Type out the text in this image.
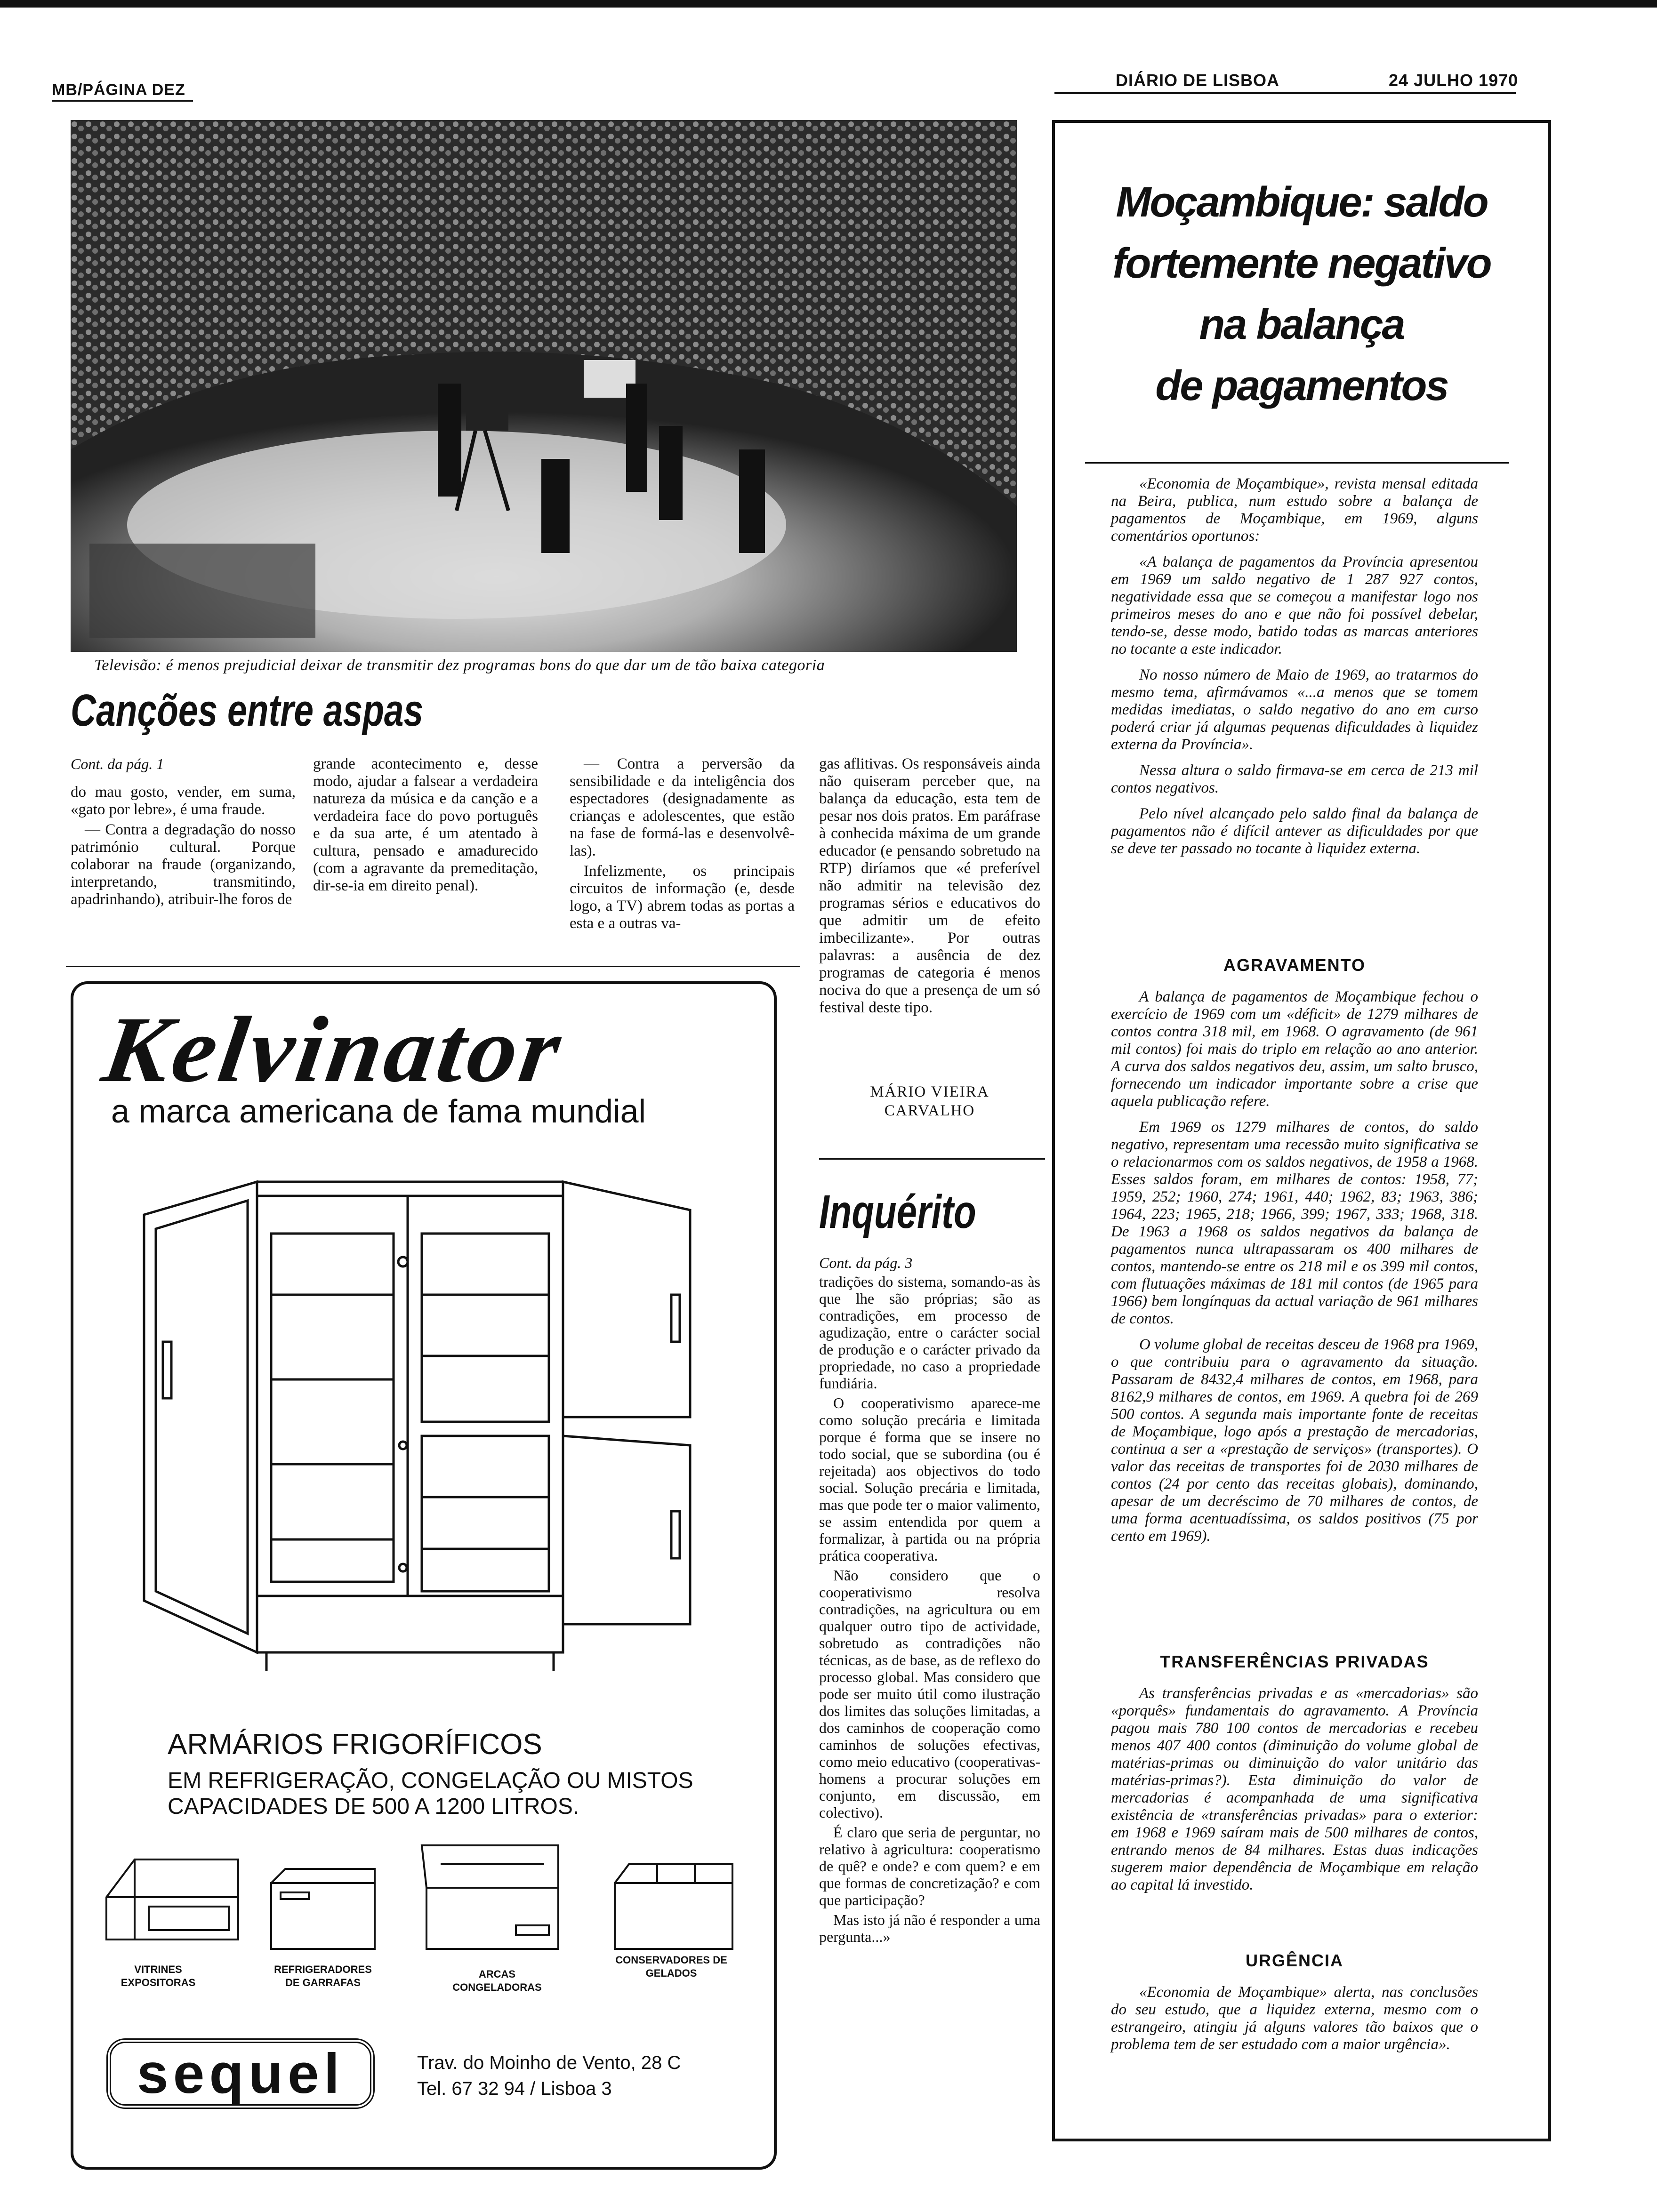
MB/PÁGINA DEZ	DIÁRIO DE LISBOA	24 JULHO 1970
Televisão: é menos prejudicial deixar de transmitir dez programas bons do que dar um de tão baixa categoria
Canções entre aspas
Cont. da pág. 1

do mau gosto, vender, em suma, «gato por lebre», é uma fraude.

— Contra a degradação do nosso património cultural. Porque colaborar na fraude (organizando, interpretando, transmitindo, apadrinhando), atribuir-lhe foros de

grande acontecimento e, desse modo, ajudar a falsear a verdadeira natureza da música e da canção e a verdadeira face do povo português e da sua arte, é um atentado à cultura, pensado e amadurecido (com a agravante da premeditação, dir-se-ia em direito penal).

— Contra a perversão da sensibilidade e da inteligência dos espectadores (designadamente as crianças e adolescentes, que estão na fase de formá-las e desenvolvê-las).

Infelizmente, os principais circuitos de informação (e, desde logo, a TV) abrem todas as portas a esta e a outras va-

gas aflitivas. Os responsáveis ainda não quiseram perceber que, na balança da educação, esta tem de pesar nos dois pratos. Em paráfrase à conhecida máxima de um grande educador (e pensando sobretudo na RTP) diríamos que «é preferível não admitir na televisão dez programas sérios e educativos do que admitir um de efeito imbecilizante». Por outras palavras: a ausência de dez programas de categoria é menos nociva do que a presença de um só festival deste tipo.

MÁRIO VIEIRA
CARVALHO
Kelvinator
a marca americana de fama mundial
ARMÁRIOS FRIGORÍFICOS
EM REFRIGERAÇÃO, CONGELAÇÃO OU MISTOS
CAPACIDADES DE 500 A 1200 LITROS.
VITRINES EXPOSITORAS
REFRIGERADORES DE GARRAFAS
ARCAS CONGELADORAS
CONSERVADORES DE GELADOS
sequel	Trav. do Moinho de Vento, 28 C
Tel. 67 32 94 / Lisboa 3
Inquérito
Cont. da pág. 3

tradições do sistema, somando-as às que lhe são próprias; são as contradições, em processo de agudização, entre o carácter social de produção e o carácter privado da propriedade, no caso a propriedade fundiária.

O cooperativismo aparece-me como solução precária e limitada porque é forma que se insere no todo social, que se subordina (ou é rejeitada) aos objectivos do todo social. Solução precária e limitada, mas que pode ter o maior valimento, se assim entendida por quem a formalizar, à partida ou na própria prática cooperativa.

Não considero que o cooperativismo resolva contradições, na agricultura ou em qualquer outro tipo de actividade, sobretudo as contradições não técnicas, as de base, as de reflexo do processo global. Mas considero que pode ser muito útil como ilustração dos limites das soluções limitadas, a dos caminhos de cooperação como caminhos de soluções efectivas, como meio educativo (cooperativas-homens a procurar soluções em conjunto, em discussão, em colectivo).

É claro que seria de perguntar, no relativo à agricultura: cooperatismo de quê? e onde? e com quem? e em que formas de concretização? e com que participação?

Mas isto já não é responder a uma pergunta...»

Moçambique: saldo
fortemente negativo
na balança
de pagamentos

«Economia de Moçambique», revista mensal editada na Beira, publica, num estudo sobre a balança de pagamentos de Moçambique, em 1969, alguns comentários oportunos:

«A balança de pagamentos da Província apresentou em 1969 um saldo negativo de 1 287 927 contos, negatividade essa que se começou a manifestar logo nos primeiros meses do ano e que não foi possível debelar, tendo-se, desse modo, batido todas as marcas anteriores no tocante a este indicador.

No nosso número de Maio de 1969, ao tratarmos do mesmo tema, afirmávamos «...a menos que se tomem medidas imediatas, o saldo negativo do ano em curso poderá criar já algumas pequenas dificuldades à liquidez externa da Província».

Nessa altura o saldo firmava-se em cerca de 213 mil contos negativos.

Pelo nível alcançado pelo saldo final da balança de pagamentos não é difícil antever as dificuldades por que se deve ter passado no tocante à liquidez externa.

AGRAVAMENTO

A balança de pagamentos de Moçambique fechou o exercício de 1969 com um «déficit» de 1279 milhares de contos contra 318 mil, em 1968. O agravamento (de 961 mil contos) foi mais do triplo em relação ao ano anterior. A curva dos saldos negativos deu, assim, um salto brusco, fornecendo um indicador importante sobre a crise que aquela publicação refere.

Em 1969 os 1279 milhares de contos, do saldo negativo, representam uma recessão muito significativa se o relacionarmos com os saldos negativos, de 1958 a 1968. Esses saldos foram, em milhares de contos: 1958, 77; 1959, 252; 1960, 274; 1961, 440; 1962, 83; 1963, 386; 1964, 223; 1965, 218; 1966, 399; 1967, 333; 1968, 318. De 1963 a 1968 os saldos negativos da balança de pagamentos nunca ultrapassaram os 400 milhares de contos, mantendo-se entre os 218 mil e os 399 mil contos, com flutuações máximas de 181 mil contos (de 1965 para 1966) bem longínquas da actual variação de 961 milhares de contos.

O volume global de receitas desceu de 1968 pra 1969, o que contribuiu para o agravamento da situação. Passaram de 8432,4 milhares de contos, em 1968, para 8162,9 milhares de contos, em 1969. A quebra foi de 269 500 contos. A segunda mais importante fonte de receitas de Moçambique, logo após a prestação de mercadorias, continua a ser a «prestação de serviços» (transportes). O valor das receitas de transportes foi de 2030 milhares de contos (24 por cento das receitas globais), dominando, apesar de um decréscimo de 70 milhares de contos, de uma forma acentuadíssima, os saldos positivos (75 por cento em 1969).

TRANSFERÊNCIAS PRIVADAS

As transferências privadas e as «mercadorias» são «porquês» fundamentais do agravamento. A Província pagou mais 780 100 contos de mercadorias e recebeu menos 407 400 contos (diminuição do volume global de matérias-primas ou diminuição do valor unitário das matérias-primas?). Esta diminuição do valor de mercadorias é acompanhada de uma significativa existência de «transferências privadas» para o exterior: em 1968 e 1969 saíram mais de 500 milhares de contos, entrando menos de 84 milhares. Estas duas indicações sugerem maior dependência de Moçambique em relação ao capital lá investido.

URGÊNCIA

«Economia de Moçambique» alerta, nas conclusões do seu estudo, que a liquidez externa, mesmo com o estrangeiro, atingiu já alguns valores tão baixos que o problema tem de ser estudado com a maior urgência».
